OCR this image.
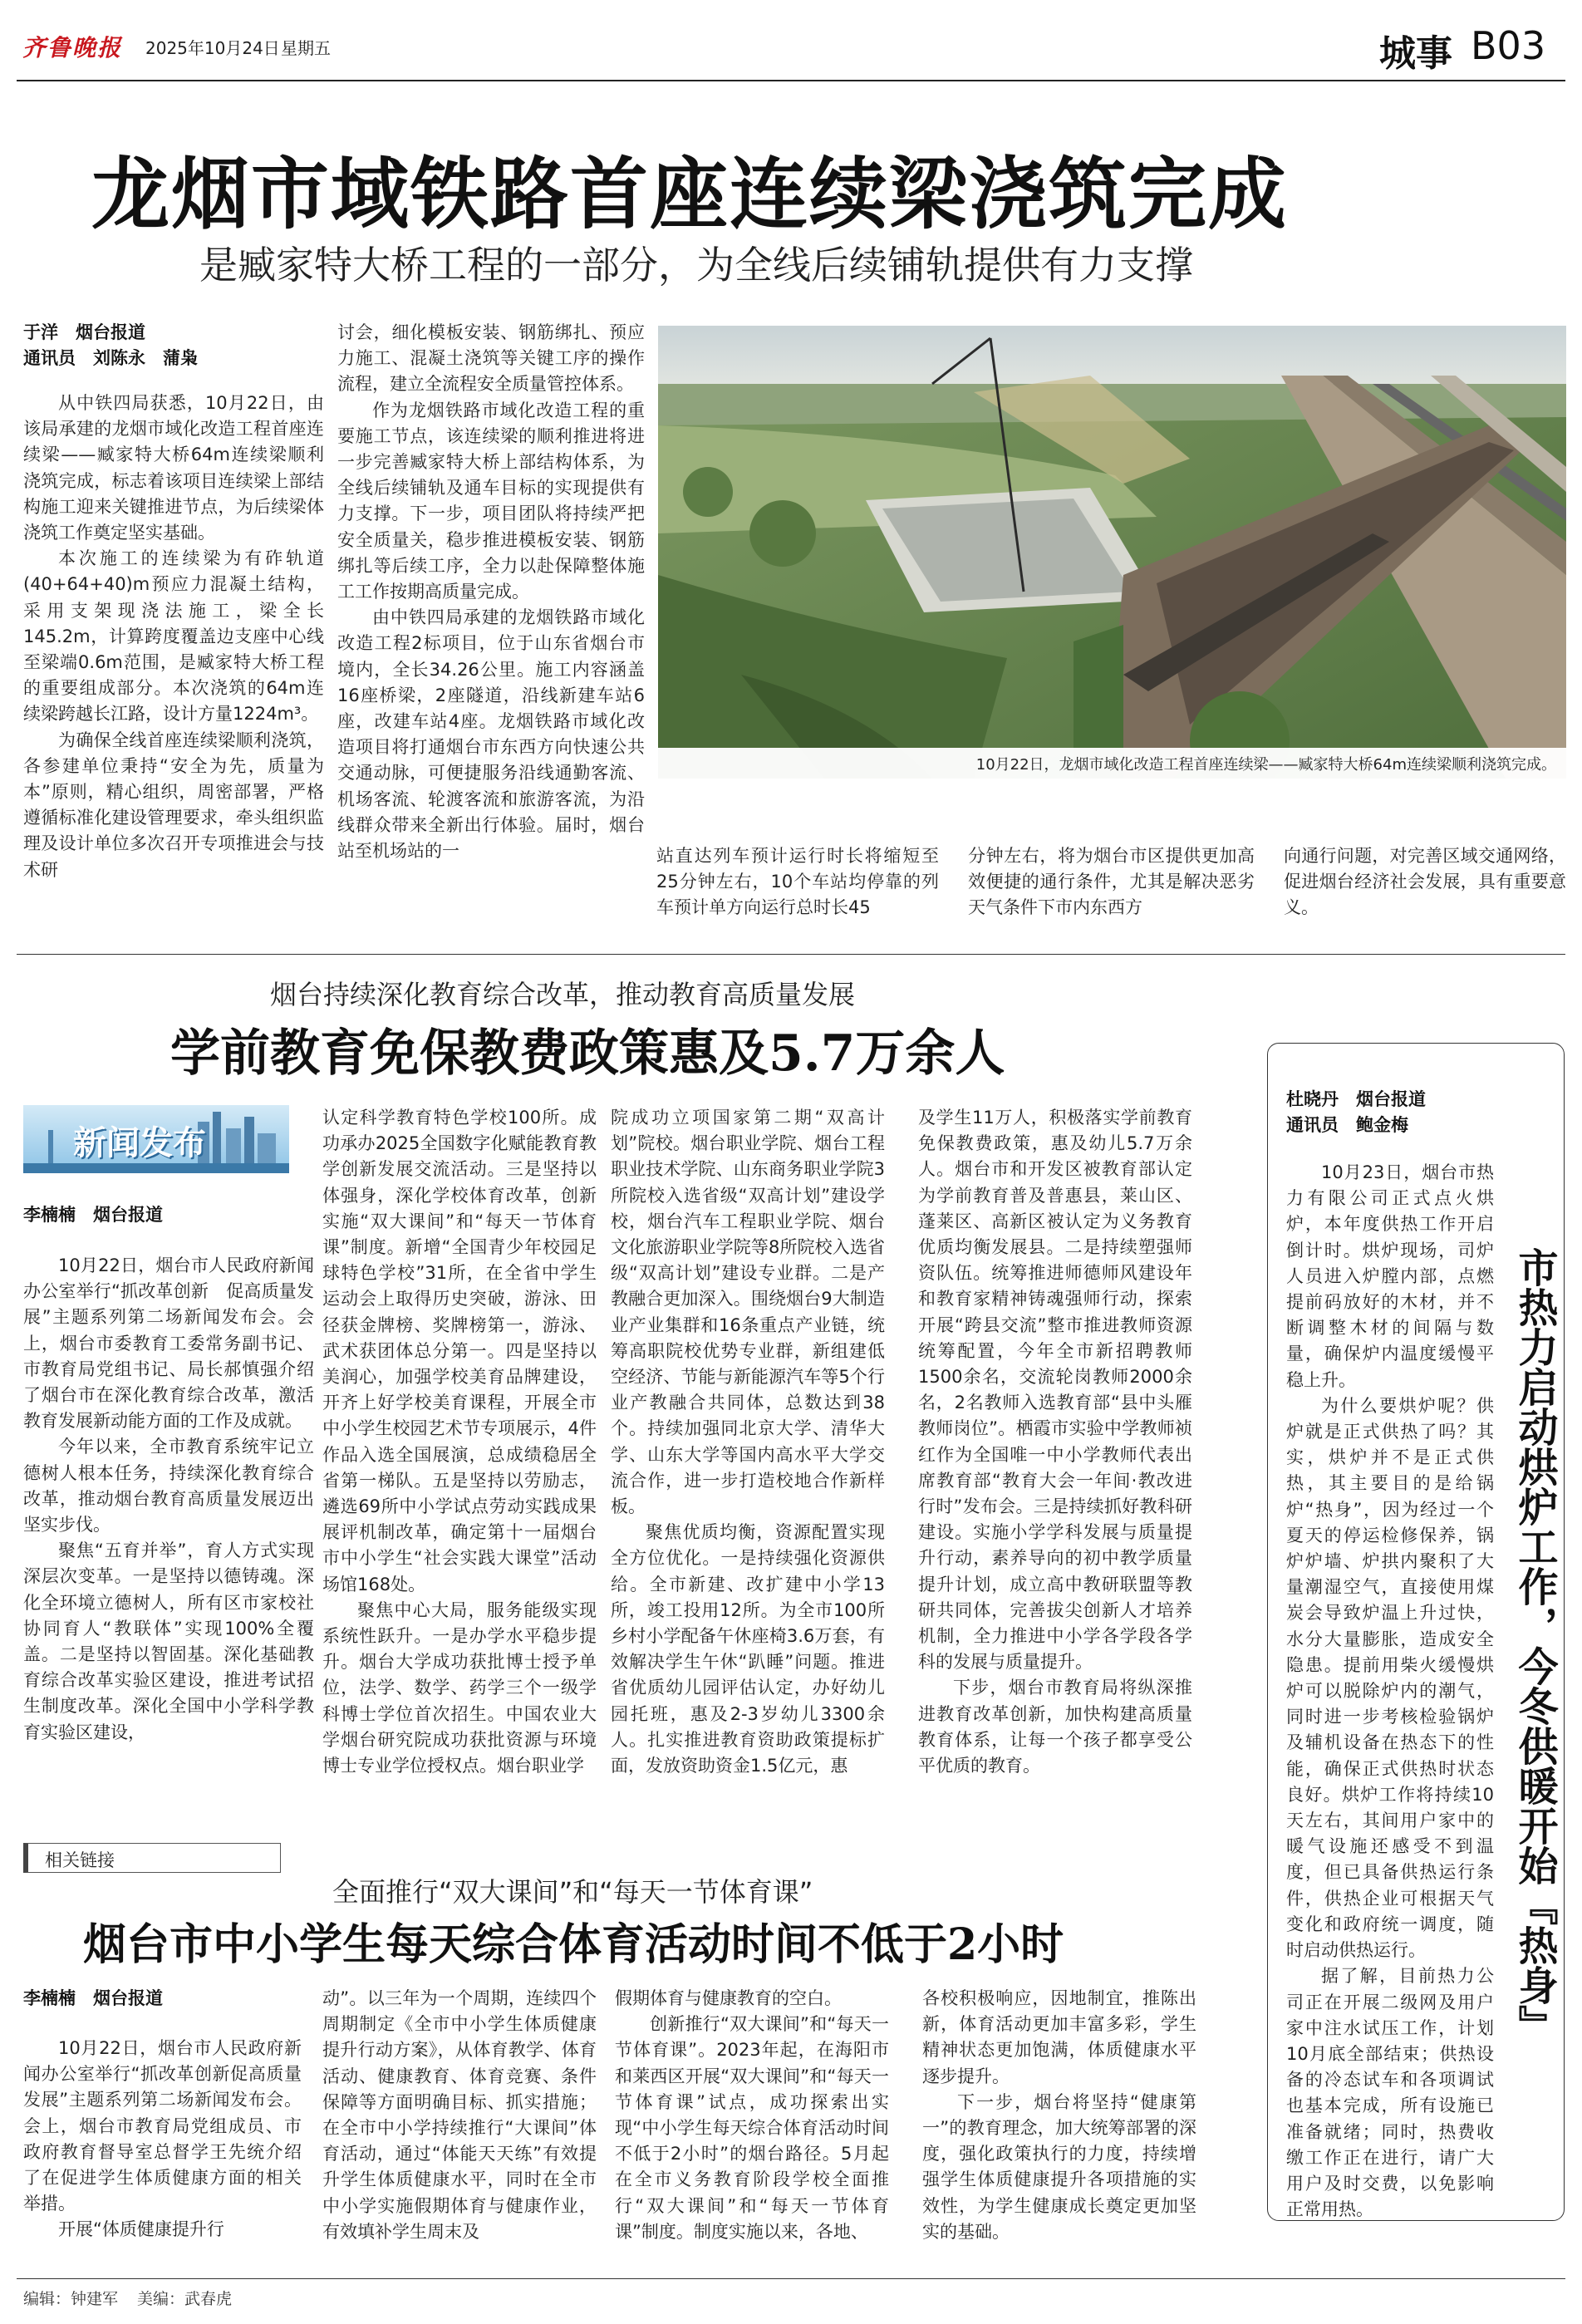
齐鲁晚报 2025年10月24日 星期五	城事 B03
龙烟市域铁路首座连续梁浇筑完成
是臧家特大桥工程的一部分，为全线后续铺轨提供有力支撑
于洋　烟台报道
通讯员　刘陈永　蒲枭

从中铁四局获悉，10月22日，由该局承建的龙烟市域化改造工程首座连续梁——臧家特大桥64m连续梁顺利浇筑完成，标志着该项目连续梁上部结构施工迎来关键推进节点，为后续梁体浇筑工作奠定坚实基础。

本次施工的连续梁为有砟轨道(40+64+40)m预应力混凝土结构，采用支架现浇法施工，梁全长145.2m，计算跨度覆盖边支座中心线至梁端0.6m范围，是臧家特大桥工程的重要组成部分。本次浇筑的64m连续梁跨越长江路，设计方量1224m³。

为确保全线首座连续梁顺利浇筑，各参建单位秉持“安全为先，质量为本”原则，精心组织，周密部署，严格遵循标准化建设管理要求，牵头组织监理及设计单位多次召开专项推进会与技术研

讨会，细化模板安装、钢筋绑扎、预应力施工、混凝土浇筑等关键工序的操作流程，建立全流程安全质量管控体系。

作为龙烟铁路市域化改造工程的重要施工节点，该连续梁的顺利推进将进一步完善臧家特大桥上部结构体系，为全线后续铺轨及通车目标的实现提供有力支撑。下一步，项目团队将持续严把安全质量关，稳步推进模板安装、钢筋绑扎等后续工序，全力以赴保障整体施工工作按期高质量完成。

由中铁四局承建的龙烟铁路市域化改造工程2标项目，位于山东省烟台市境内，全长34.26公里。施工内容涵盖16座桥梁，2座隧道，沿线新建车站6座，改建车站4座。龙烟铁路市域化改造项目将打通烟台市东西方向快速公共交通动脉，可便捷服务沿线通勤客流、机场客流、轮渡客流和旅游客流，为沿线群众带来全新出行体验。届时，烟台站至机场站的一

10月22日，龙烟市域化改造工程首座连续梁——臧家特大桥64m连续梁顺利浇筑完成。
站直达列车预计运行时长将缩短至25分钟左右，10个车站均停靠的列车预计单方向运行总时长45
分钟左右，将为烟台市区提供更加高效便捷的通行条件，尤其是解决恶劣天气条件下市内东西方
向通行问题，对完善区域交通网络，促进烟台经济社会发展，具有重要意义。
烟台持续深化教育综合改革，推动教育高质量发展
学前教育免保教费政策惠及5.7万余人
新闻发布
李楠楠　烟台报道

10月22日，烟台市人民政府新闻办公室举行“抓改革创新　促高质量发展”主题系列第二场新闻发布会。会上，烟台市委教育工委常务副书记、市教育局党组书记、局长郝慎强介绍了烟台市在深化教育综合改革，激活教育发展新动能方面的工作及成就。

今年以来，全市教育系统牢记立德树人根本任务，持续深化教育综合改革，推动烟台教育高质量发展迈出坚实步伐。

聚焦“五育并举”，育人方式实现深层次变革。一是坚持以德铸魂。深化全环境立德树人，所有区市家校社协同育人“教联体”实现100%全覆盖。二是坚持以智固基。深化基础教育综合改革实验区建设，推进考试招生制度改革。深化全国中小学科学教育实验区建设，

认定科学教育特色学校100所。成功承办2025全国数字化赋能教育教学创新发展交流活动。三是坚持以体强身，深化学校体育改革，创新实施“双大课间”和“每天一节体育课”制度。新增“全国青少年校园足球特色学校”31所，在全省中学生运动会上取得历史突破，游泳、田径获金牌榜、奖牌榜第一，游泳、武术获团体总分第一。四是坚持以美润心，加强学校美育品牌建设，开齐上好学校美育课程，开展全市中小学生校园艺术节专项展示，4件作品入选全国展演，总成绩稳居全省第一梯队。五是坚持以劳励志，遴选69所中小学试点劳动实践成果展评机制改革，确定第十一届烟台市中小学生“社会实践大课堂”活动场馆168处。

聚焦中心大局，服务能级实现系统性跃升。一是办学水平稳步提升。烟台大学成功获批博士授予单位，法学、数学、药学三个一级学科博士学位首次招生。中国农业大学烟台研究院成功获批资源与环境博士专业学位授权点。烟台职业学

院成功立项国家第二期“双高计划”院校。烟台职业学院、烟台工程职业技术学院、山东商务职业学院3所院校入选省级“双高计划”建设学校，烟台汽车工程职业学院、烟台文化旅游职业学院等8所院校入选省级“双高计划”建设专业群。二是产教融合更加深入。围绕烟台9大制造业产业集群和16条重点产业链，统筹高职院校优势专业群，新组建低空经济、节能与新能源汽车等5个行业产教融合共同体，总数达到38个。持续加强同北京大学、清华大学、山东大学等国内高水平大学交流合作，进一步打造校地合作新样板。

聚焦优质均衡，资源配置实现全方位优化。一是持续强化资源供给。全市新建、改扩建中小学13所，竣工投用12所。为全市100所乡村小学配备午休座椅3.6万套，有效解决学生午休“趴睡”问题。推进省优质幼儿园评估认定，办好幼儿园托班，惠及2-3岁幼儿3300余人。扎实推进教育资助政策提标扩面，发放资助资金1.5亿元，惠

及学生11万人，积极落实学前教育免保教费政策，惠及幼儿5.7万余人。烟台市和开发区被教育部认定为学前教育普及普惠县，莱山区、蓬莱区、高新区被认定为义务教育优质均衡发展县。二是持续塑强师资队伍。统筹推进师德师风建设年和教育家精神铸魂强师行动，探索开展“跨县交流”整市推进教师资源统筹配置，今年全市新招聘教师1500余名，交流轮岗教师2000余名，2名教师入选教育部“县中头雁教师岗位”。栖霞市实验中学教师祯红作为全国唯一中小学教师代表出席教育部“教育大会一年间·教改进行时”发布会。三是持续抓好教科研建设。实施小学学科发展与质量提升行动，素养导向的初中教学质量提升计划，成立高中教研联盟等教研共同体，完善拔尖创新人才培养机制，全力推进中小学各学段各学科的发展与质量提升。

下步，烟台市教育局将纵深推进教育改革创新，加快构建高质量教育体系，让每一个孩子都享受公平优质的教育。

相关链接
全面推行“双大课间”和“每天一节体育课”
烟台市中小学生每天综合体育活动时间不低于2小时
李楠楠　烟台报道

10月22日，烟台市人民政府新闻办公室举行“抓改革创新促高质量发展”主题系列第二场新闻发布会。会上，烟台市教育局党组成员、市政府教育督导室总督学王先统介绍了在促进学生体质健康方面的相关举措。

开展“体质健康提升行

动”。以三年为一个周期，连续四个周期制定《全市中小学生体质健康提升行动方案》，从体育教学、体育活动、健康教育、体育竞赛、条件保障等方面明确目标、抓实措施；在全市中小学持续推行“大课间”体育活动，通过“体能天天练”有效提升学生体质健康水平，同时在全市中小学实施假期体育与健康作业，有效填补学生周末及

假期体育与健康教育的空白。

创新推行“双大课间”和“每天一节体育课”。2023年起，在海阳市和莱西区开展“双大课间”和“每天一节体育课”试点，成功探索出实现“中小学生每天综合体育活动时间不低于2小时”的烟台路径。5月起在全市义务教育阶段学校全面推行“双大课间”和“每天一节体育课”制度。制度实施以来，各地、

各校积极响应，因地制宜，推陈出新，体育活动更加丰富多彩，学生精神状态更加饱满，体质健康水平逐步提升。

下一步，烟台将坚持“健康第一”的教育理念，加大统筹部署的深度，强化政策执行的力度，持续增强学生体质健康提升各项措施的实效性，为学生健康成长奠定更加坚实的基础。

杜晓丹　烟台报道
通讯员　鲍金梅

10月23日，烟台市热力有限公司正式点火烘炉，本年度供热工作开启倒计时。烘炉现场，司炉人员进入炉膛内部，点燃提前码放好的木材，并不断调整木材的间隔与数量，确保炉内温度缓慢平稳上升。

为什么要烘炉呢？供炉就是正式供热了吗？其实，烘炉并不是正式供热，其主要目的是给锅炉“热身”，因为经过一个夏天的停运检修保养，锅炉炉墙、炉拱内聚积了大量潮湿空气，直接使用煤炭会导致炉温上升过快，水分大量膨胀，造成安全隐患。提前用柴火缓慢烘炉可以脱除炉内的潮气，同时进一步考核检验锅炉及辅机设备在热态下的性能，确保正式供热时状态良好。烘炉工作将持续10天左右，其间用户家中的暖气设施还感受不到温度，但已具备供热运行条件，供热企业可根据天气变化和政府统一调度，随时启动供热运行。

据了解，目前热力公司正在开展二级网及用户家中注水试压工作，计划10月底全部结束；供热设备的冷态试车和各项调试也基本完成，所有设施已准备就绪；同时，热费收缴工作正在进行，请广大用户及时交费，以免影响正常用热。

市热力启动烘炉工作，今冬供暖开始『热身』
编辑：钟建军 美编：武春虎
